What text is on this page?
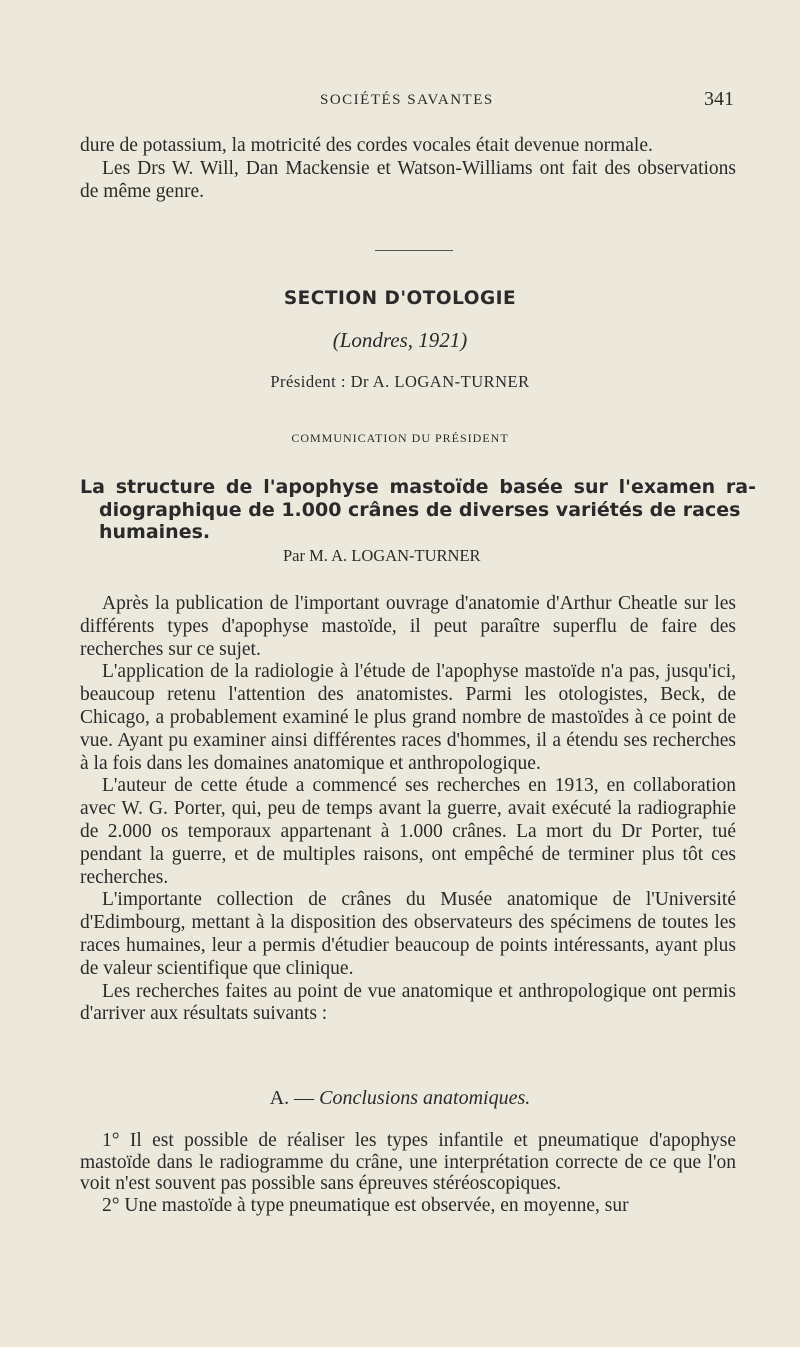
SOCIÉTÉS SAVANTES	341

dure de potassium, la motricité des cordes vocales était devenue normale.

Les Drs W. Will, Dan Mackensie et Watson-Williams ont fait des observations de même genre.

SECTION D'OTOLOGIE
(Londres, 1921)
Président : Dr A. LOGAN-TURNER
COMMUNICATION DU PRÉSIDENT
La structure de l'apophyse mastoïde basée sur l'examen ra-
diographique de 1.000 crânes de diverses variétés de races
humaines.
Par M. A. LOGAN-TURNER

Après la publication de l'important ouvrage d'anatomie d'Arthur Cheatle sur les différents types d'apophyse mastoïde, il peut paraître superflu de faire des recherches sur ce sujet.

L'application de la radiologie à l'étude de l'apophyse mastoïde n'a pas, jusqu'ici, beaucoup retenu l'attention des anatomistes. Parmi les otologistes, Beck, de Chicago, a probablement examiné le plus grand nombre de mastoïdes à ce point de vue. Ayant pu examiner ainsi différentes races d'hommes, il a étendu ses recherches à la fois dans les domaines anatomique et anthropologique.

L'auteur de cette étude a commencé ses recherches en 1913, en collaboration avec W. G. Porter, qui, peu de temps avant la guerre, avait exécuté la radiographie de 2.000 os temporaux appartenant à 1.000 crânes. La mort du Dr Porter, tué pendant la guerre, et de multiples raisons, ont empêché de terminer plus tôt ces recherches.

L'importante collection de crânes du Musée anatomique de l'Université d'Edimbourg, mettant à la disposition des observateurs des spécimens de toutes les races humaines, leur a permis d'étudier beaucoup de points intéressants, ayant plus de valeur scientifique que clinique.

Les recherches faites au point de vue anatomique et anthropologique ont permis d'arriver aux résultats suivants :

A. — Conclusions anatomiques.

1° Il est possible de réaliser les types infantile et pneumatique d'apophyse mastoïde dans le radiogramme du crâne, une interprétation correcte de ce que l'on voit n'est souvent pas possible sans épreuves stéréoscopiques.

2° Une mastoïde à type pneumatique est observée, en moyenne, sur
